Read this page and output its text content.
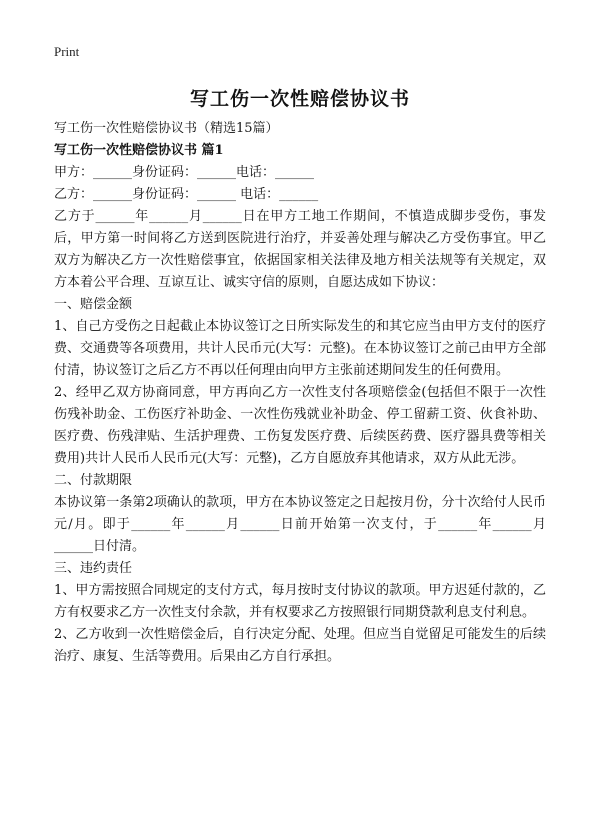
Print
写工伤一次性赔偿协议书

写工伤一次性赔偿协议书（精选15篇）

写工伤一次性赔偿协议书 篇1

甲方：______身份证码：______电话：______

乙方：______身份证码：______ 电话：______

乙方于______年______月______日在甲方工地工作期间，不慎造成脚步受伤，事发后，甲方第一时间将乙方送到医院进行治疗，并妥善处理与解决乙方受伤事宜。甲乙双方为解决乙方一次性赔偿事宜，依据国家相关法律及地方相关法规等有关规定，双方本着公平合理、互谅互让、诚实守信的原则，自愿达成如下协议：

一、赔偿金额

1、自己方受伤之日起截止本协议签订之日所实际发生的和其它应当由甲方支付的医疗费、交通费等各项费用，共计人民币元(大写：元整)。在本协议签订之前己由甲方全部付清，协议签订之后乙方不再以任何理由向甲方主张前述期间发生的任何费用。

2、经甲乙双方协商同意，甲方再向乙方一次性支付各项赔偿金(包括但不限于一次性伤残补助金、工伤医疗补助金、一次性伤残就业补助金、停工留薪工资、伙食补助、医疗费、伤残津贴、生活护理费、工伤复发医疗费、后续医药费、医疗器具费等相关费用)共计人民币人民币元(大写：元整)，乙方自愿放弃其他请求，双方从此无涉。

二、付款期限

本协议第一条第2项确认的款项，甲方在本协议签定之日起按月份，分十次给付人民币元/月。即于______年______月______日前开始第一次支付，于______年______月______日付清。

三、违约责任

1、甲方需按照合同规定的支付方式，每月按时支付协议的款项。甲方迟延付款的，乙方有权要求乙方一次性支付余款，并有权要求乙方按照银行同期贷款利息支付利息。

2、乙方收到一次性赔偿金后，自行决定分配、处理。但应当自觉留足可能发生的后续治疗、康复、生活等费用。后果由乙方自行承担。
